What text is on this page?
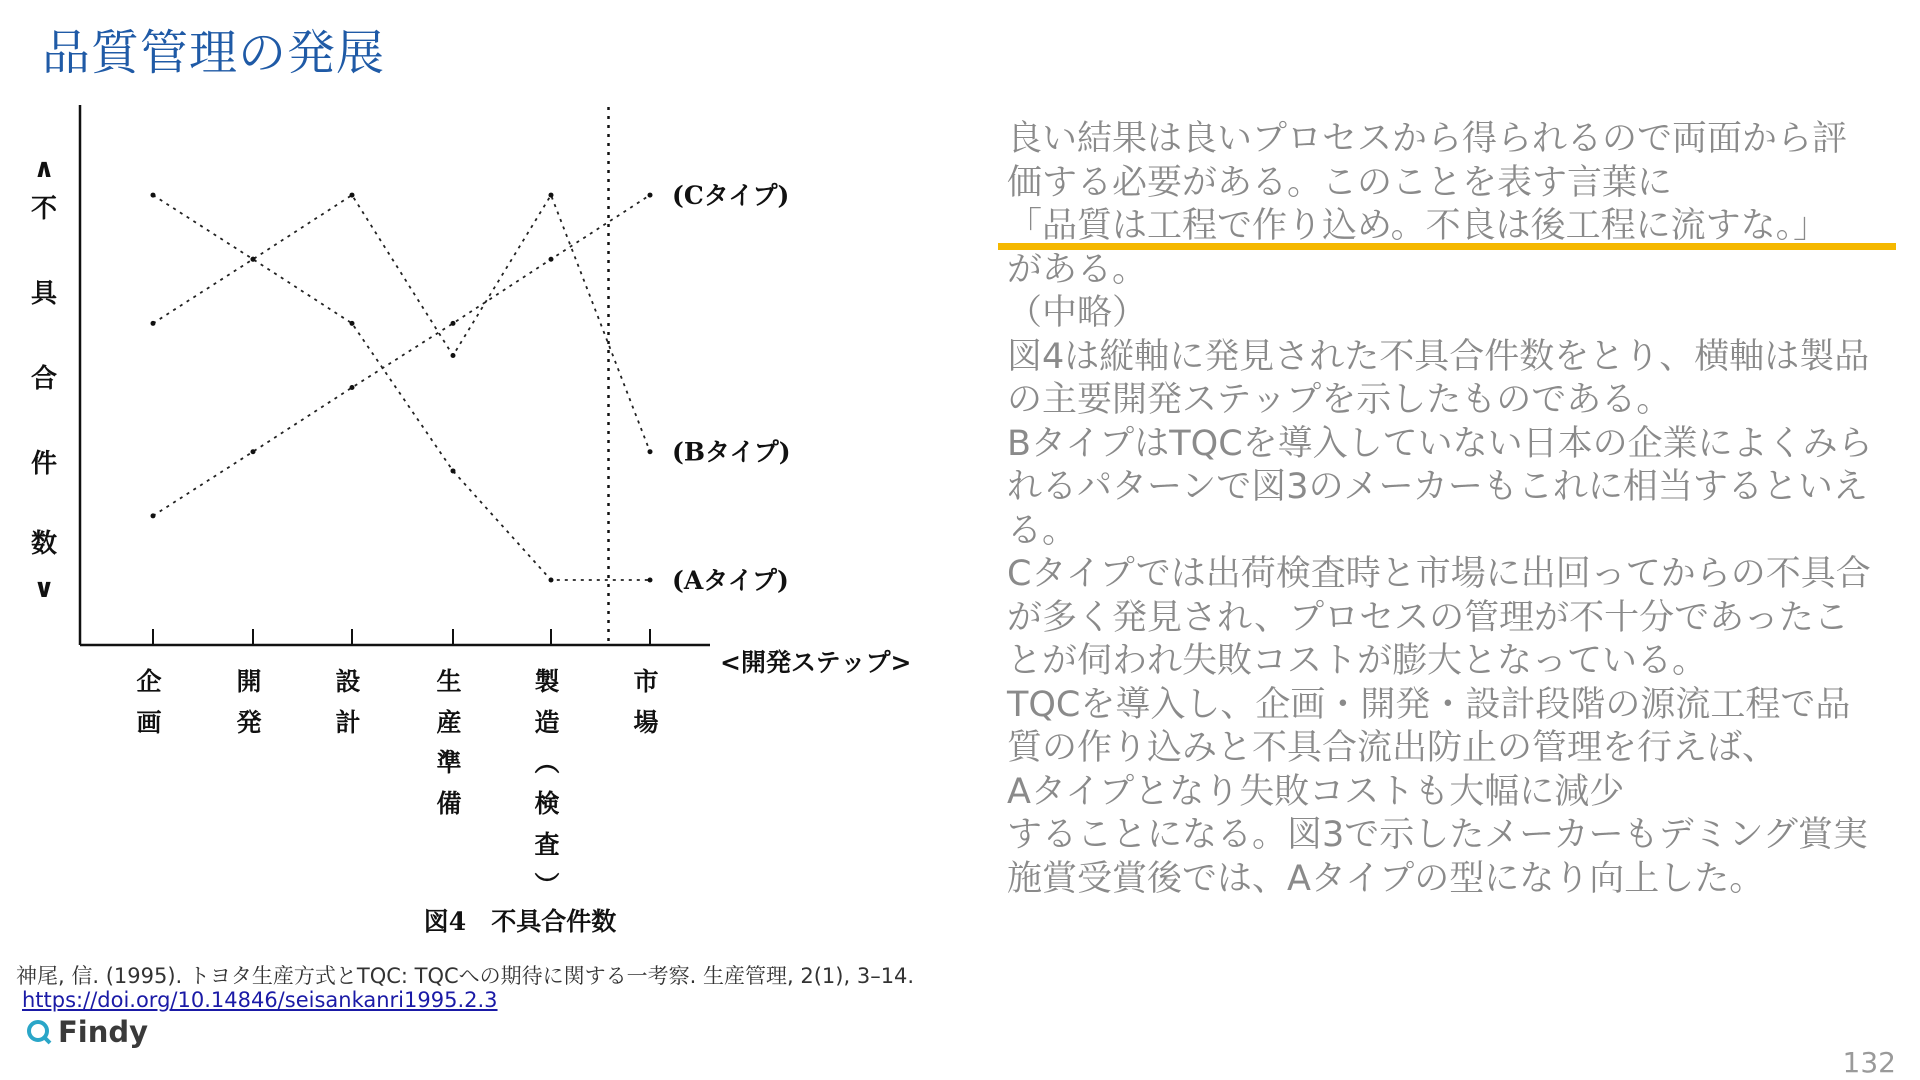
品質管理の発展
∧
不
具
合
件
数
∨
(Cタイプ)
(Bタイプ)
(Aタイプ)
企
画
開
発
設
計
生
産
準
備
製
造
︵
検
査
︶
市
場
<開発ステップ>
図4　不具合件数

良い結果は良いプロセスから得られるので両面から評

価する必要がある。このことを表す言葉に

「品質は工程で作り込め。不良は後工程に流すな。」

がある。

（中略）

図4は縦軸に発見された不具合件数をとり、横軸は製品

の主要開発ステップを示したものである。

BタイプはTQCを導入していない日本の企業によくみら

れるパターンで図3のメーカーもこれに相当するといえ

る。

Cタイプでは出荷検査時と市場に出回ってからの不具合

が多く発見され、プロセスの管理が不十分であったこ

とが伺われ失敗コストが膨大となっている。

TQCを導入し、企画・開発・設計段階の源流工程で品

質の作り込みと不具合流出防止の管理を行えば、

Aタイプとなり失敗コストも大幅に減少

することになる。図3で示したメーカーもデミング賞実

施賞受賞後では、Aタイプの型になり向上した。

神尾, 信. (1995). トヨタ生産方式とTQC: TQCへの期待に関する一考察. 生産管理, 2(1), 3–14.
https://doi.org/10.14846/seisankanri1995.2.3
Findy
132
